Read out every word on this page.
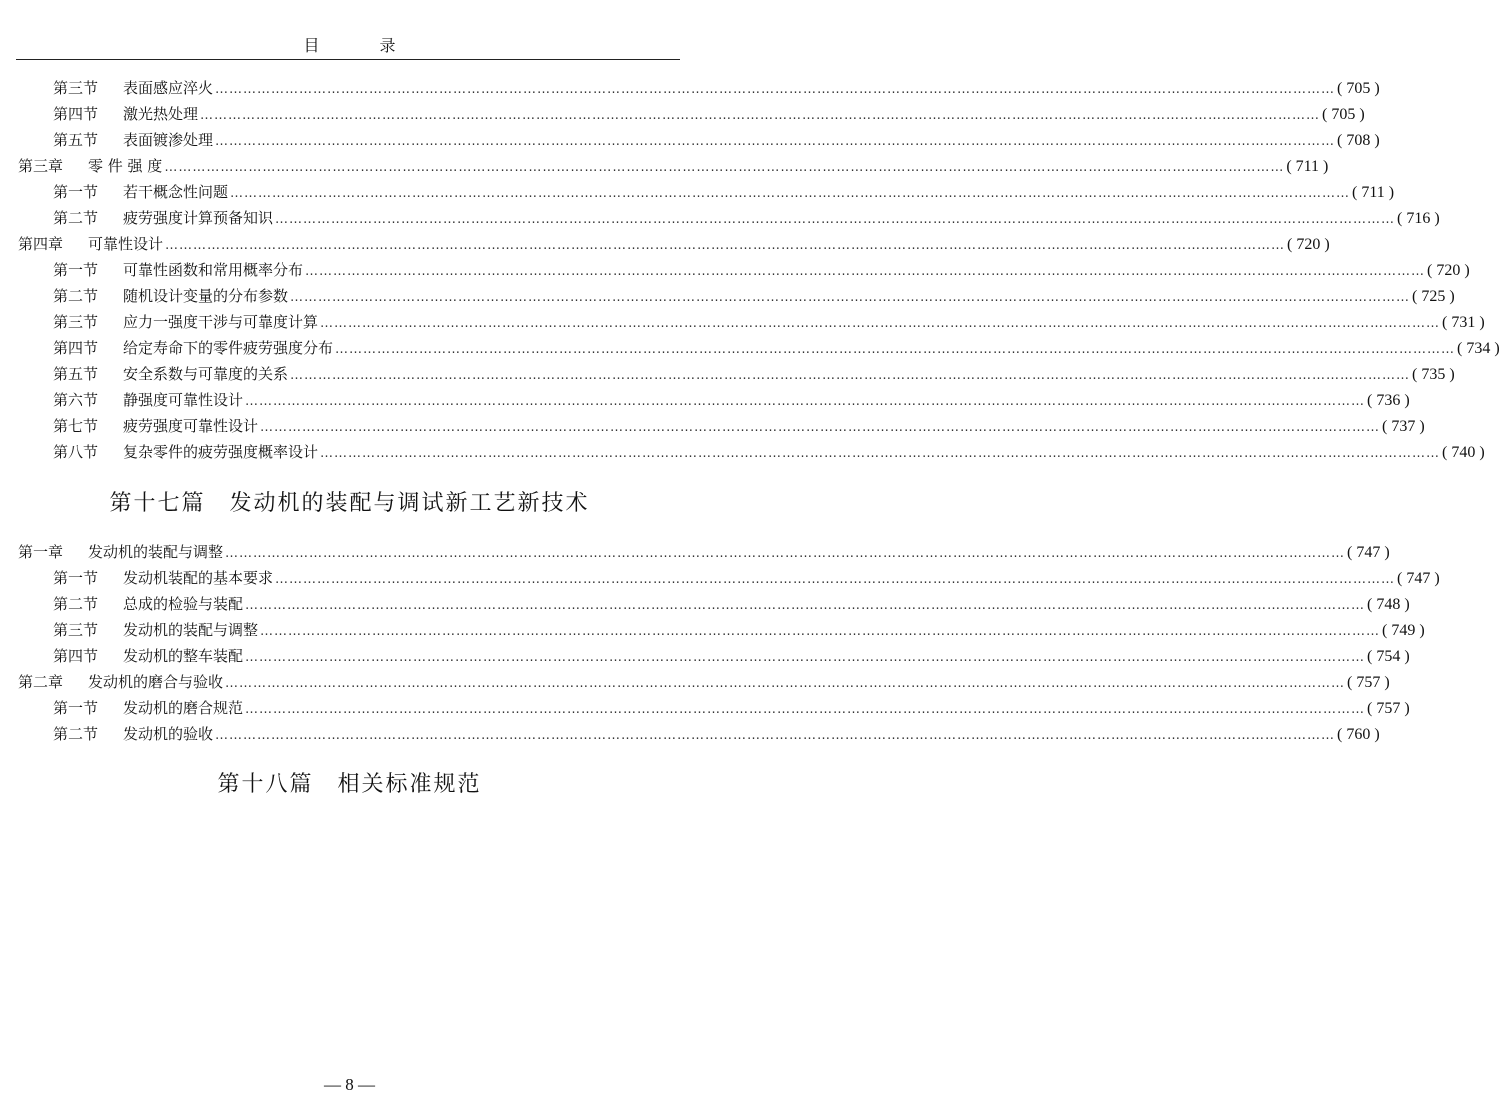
目　录
第三节	表面感应淬火 …………………………………………………………………………………………………………………………………………………………………………………………………………………… ( 705 )
第四节	激光热处理 …………………………………………………………………………………………………………………………………………………………………………………………………………………… ( 705 )
第五节	表面镀渗处理 …………………………………………………………………………………………………………………………………………………………………………………………………………………… ( 708 )
第三章	零 件 强 度 …………………………………………………………………………………………………………………………………………………………………………………………………………………… ( 711 )
第一节	若干概念性问题 …………………………………………………………………………………………………………………………………………………………………………………………………………………… ( 711 )
第二节	疲劳强度计算预备知识 …………………………………………………………………………………………………………………………………………………………………………………………………………………… ( 716 )
第四章	可靠性设计 …………………………………………………………………………………………………………………………………………………………………………………………………………………… ( 720 )
第一节	可靠性函数和常用概率分布 …………………………………………………………………………………………………………………………………………………………………………………………………………………… ( 720 )
第二节	随机设计变量的分布参数 …………………………………………………………………………………………………………………………………………………………………………………………………………………… ( 725 )
第三节	应力一强度干涉与可靠度计算 …………………………………………………………………………………………………………………………………………………………………………………………………………………… ( 731 )
第四节	给定寿命下的零件疲劳强度分布 …………………………………………………………………………………………………………………………………………………………………………………………………………………… ( 734 )
第五节	安全系数与可靠度的关系 …………………………………………………………………………………………………………………………………………………………………………………………………………………… ( 735 )
第六节	静强度可靠性设计 …………………………………………………………………………………………………………………………………………………………………………………………………………………… ( 736 )
第七节	疲劳强度可靠性设计 …………………………………………………………………………………………………………………………………………………………………………………………………………………… ( 737 )
第八节	复杂零件的疲劳强度概率设计 …………………………………………………………………………………………………………………………………………………………………………………………………………………… ( 740 )
第十七篇　发动机的装配与调试新工艺新技术
第一章	发动机的装配与调整 …………………………………………………………………………………………………………………………………………………………………………………………………………………… ( 747 )
第一节	发动机装配的基本要求 …………………………………………………………………………………………………………………………………………………………………………………………………………………… ( 747 )
第二节	总成的检验与装配 …………………………………………………………………………………………………………………………………………………………………………………………………………………… ( 748 )
第三节	发动机的装配与调整 …………………………………………………………………………………………………………………………………………………………………………………………………………………… ( 749 )
第四节	发动机的整车装配 …………………………………………………………………………………………………………………………………………………………………………………………………………………… ( 754 )
第二章	发动机的磨合与验收 …………………………………………………………………………………………………………………………………………………………………………………………………………………… ( 757 )
第一节	发动机的磨合规范 …………………………………………………………………………………………………………………………………………………………………………………………………………………… ( 757 )
第二节	发动机的验收 …………………………………………………………………………………………………………………………………………………………………………………………………………………… ( 760 )
第十八篇　相关标准规范
— 8 —
